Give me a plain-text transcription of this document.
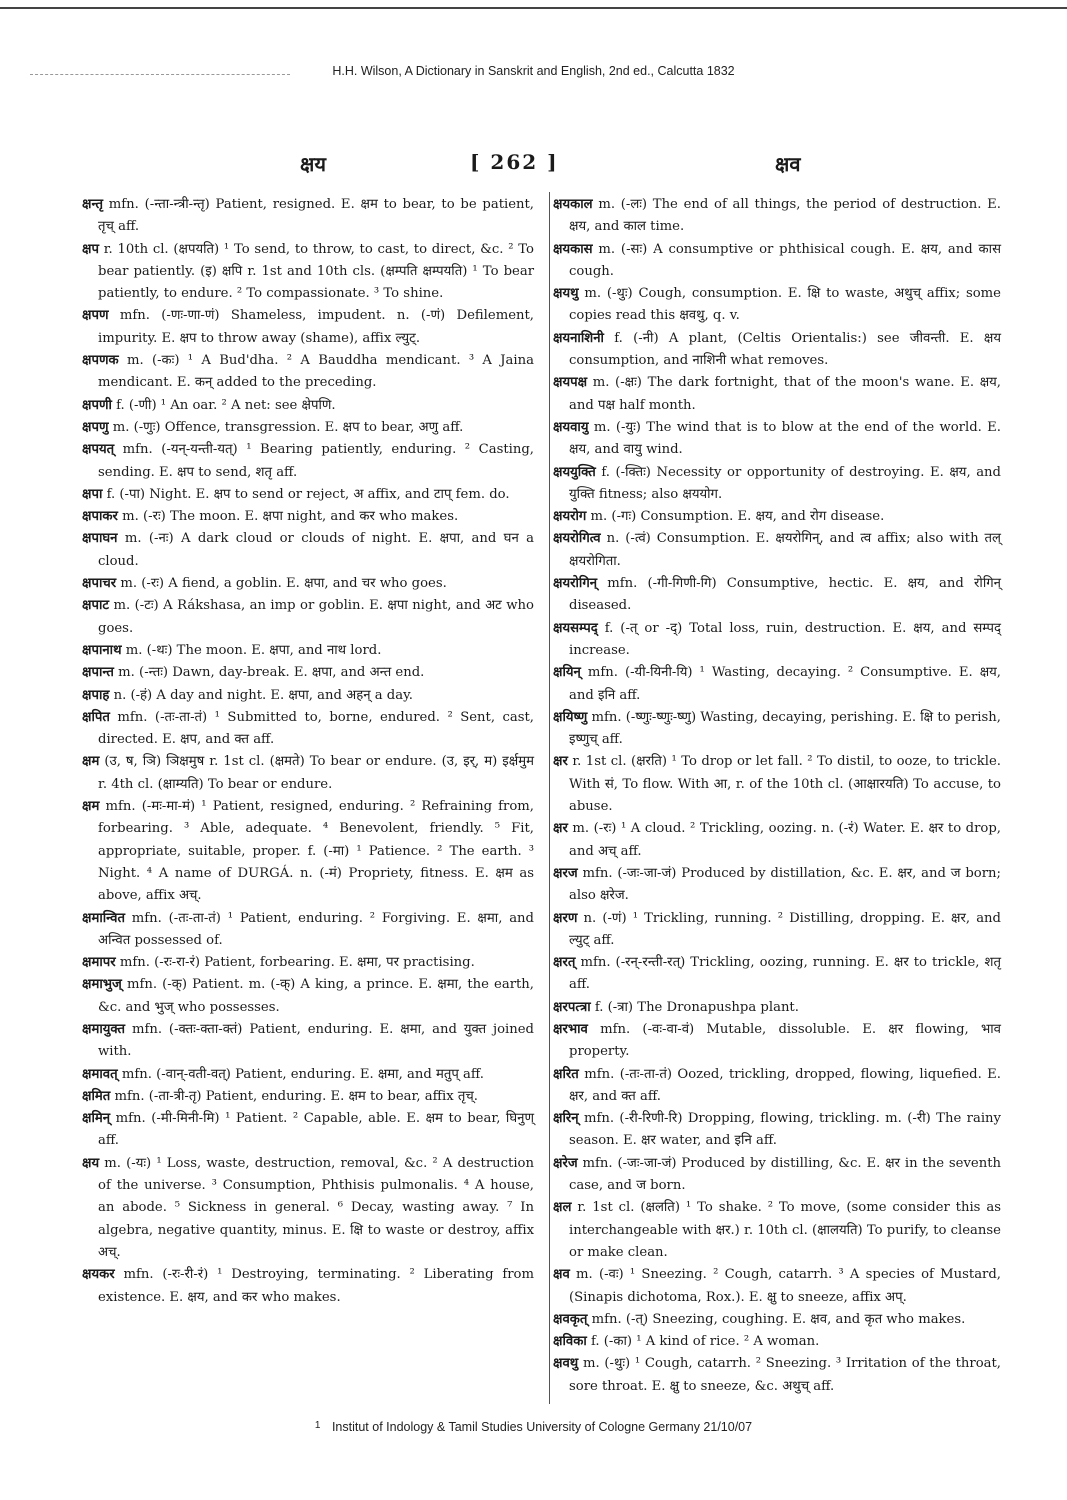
H.H. Wilson, A Dictionary in Sanskrit and English, 2nd ed., Calcutta 1832
क्षय	[ 262 ]	क्षव

क्षन्तृ mfn. (-न्ता-न्त्री-न्तृ) Patient, resigned. E. क्षम to bear, to be patient, तृच् aff.

क्षप r. 10th cl. (क्षपयति) ¹ To send, to throw, to cast, to direct, &c. ² To bear patiently. (इ) क्षपि r. 1st and 10th cls. (क्षम्पति क्षम्पयति) ¹ To bear patiently, to endure. ² To compassionate. ³ To shine.

क्षपण mfn. (-णः-णा-णं) Shameless, impudent. n. (-णं) Defilement, impurity. E. क्षप to throw away (shame), affix ल्युट्.

क्षपणक m. (-कः) ¹ A Bud'dha. ² A Bauddha mendicant. ³ A Jaina mendicant. E. कन् added to the preceding.

क्षपणी f. (-णी) ¹ An oar. ² A net: see क्षेपणि.

क्षपणु m. (-णुः) Offence, transgression. E. क्षप to bear, अणु aff.

क्षपयत् mfn. (-यन्-यन्ती-यत्) ¹ Bearing patiently, enduring. ² Casting, sending. E. क्षप to send, शतृ aff.

क्षपा f. (-पा) Night. E. क्षप to send or reject, अ affix, and टाप् fem. do.

क्षपाकर m. (-रः) The moon. E. क्षपा night, and कर who makes.

क्षपाघन m. (-नः) A dark cloud or clouds of night. E. क्षपा, and घन a cloud.

क्षपाचर m. (-रः) A fiend, a goblin. E. क्षपा, and चर who goes.

क्षपाट m. (-टः) A Rákshasa, an imp or goblin. E. क्षपा night, and अट who goes.

क्षपानाथ m. (-थः) The moon. E. क्षपा, and नाथ lord.

क्षपान्त m. (-न्तः) Dawn, day-break. E. क्षपा, and अन्त end.

क्षपाह n. (-हं) A day and night. E. क्षपा, and अहन् a day.

क्षपित mfn. (-तः-ता-तं) ¹ Submitted to, borne, endured. ² Sent, cast, directed. E. क्षप, and क्त aff.

क्षम (उ, ष, ञि) ञिक्षमुष r. 1st cl. (क्षमते) To bear or endure. (उ, इर्, म) इर्क्षमुम r. 4th cl. (क्षाम्यति) To bear or endure.

क्षम mfn. (-मः-मा-मं) ¹ Patient, resigned, enduring. ² Refraining from, forbearing. ³ Able, adequate. ⁴ Benevolent, friendly. ⁵ Fit, appropriate, suitable, proper. f. (-मा) ¹ Patience. ² The earth. ³ Night. ⁴ A name of DURGÁ. n. (-मं) Propriety, fitness. E. क्षम as above, affix अच्.

क्षमान्वित mfn. (-तः-ता-तं) ¹ Patient, enduring. ² Forgiving. E. क्षमा, and अन्वित possessed of.

क्षमापर mfn. (-रः-रा-रं) Patient, forbearing. E. क्षमा, पर practising.

क्षमाभुज् mfn. (-क्) Patient. m. (-क्) A king, a prince. E. क्षमा, the earth, &c. and भुज् who possesses.

क्षमायुक्त mfn. (-क्तः-क्ता-क्तं) Patient, enduring. E. क्षमा, and युक्त joined with.

क्षमावत् mfn. (-वान्-वती-वत्) Patient, enduring. E. क्षमा, and मतुप् aff.

क्षमित mfn. (-ता-त्री-तृ) Patient, enduring. E. क्षम to bear, affix तृच्.

क्षमिन् mfn. (-मी-मिनी-मि) ¹ Patient. ² Capable, able. E. क्षम to bear, घिनुण् aff.

क्षय m. (-यः) ¹ Loss, waste, destruction, removal, &c. ² A destruction of the universe. ³ Consumption, Phthisis pulmonalis. ⁴ A house, an abode. ⁵ Sickness in general. ⁶ Decay, wasting away. ⁷ In algebra, negative quantity, minus. E. क्षि to waste or destroy, affix अच्.

क्षयकर mfn. (-रः-री-रं) ¹ Destroying, terminating. ² Liberating from existence. E. क्षय, and कर who makes.

क्षयकाल m. (-लः) The end of all things, the period of destruction. E. क्षय, and काल time.

क्षयकास m. (-सः) A consumptive or phthisical cough. E. क्षय, and कास cough.

क्षयथु m. (-थुः) Cough, consumption. E. क्षि to waste, अथुच् affix; some copies read this क्षवथु, q. v.

क्षयनाशिनी f. (-नी) A plant, (Celtis Orientalis:) see जीवन्ती. E. क्षय consumption, and नाशिनी what removes.

क्षयपक्ष m. (-क्षः) The dark fortnight, that of the moon's wane. E. क्षय, and पक्ष half month.

क्षयवायु m. (-युः) The wind that is to blow at the end of the world. E. क्षय, and वायु wind.

क्षययुक्ति f. (-क्तिः) Necessity or opportunity of destroying. E. क्षय, and युक्ति fitness; also क्षययोग.

क्षयरोग m. (-गः) Consumption. E. क्षय, and रोग disease.

क्षयरोगित्व n. (-त्वं) Consumption. E. क्षयरोगिन्, and त्व affix; also with तल् क्षयरोगिता.

क्षयरोगिन् mfn. (-गी-गिणी-गि) Consumptive, hectic. E. क्षय, and रोगिन् diseased.

क्षयसम्पद् f. (-त् or -द्) Total loss, ruin, destruction. E. क्षय, and सम्पद् increase.

क्षयिन् mfn. (-यी-यिनी-यि) ¹ Wasting, decaying. ² Consumptive. E. क्षय, and इनि aff.

क्षयिष्णु mfn. (-ष्णुः-ष्णुः-ष्णु) Wasting, decaying, perishing. E. क्षि to perish, इष्णुच् aff.

क्षर r. 1st cl. (क्षरति) ¹ To drop or let fall. ² To distil, to ooze, to trickle. With सं, To flow. With आ, r. of the 10th cl. (आक्षारयति) To accuse, to abuse.

क्षर m. (-रः) ¹ A cloud. ² Trickling, oozing. n. (-रं) Water. E. क्षर to drop, and अच् aff.

क्षरज mfn. (-जः-जा-जं) Produced by distillation, &c. E. क्षर, and ज born; also क्षरेज.

क्षरण n. (-णं) ¹ Trickling, running. ² Distilling, dropping. E. क्षर, and ल्युट् aff.

क्षरत् mfn. (-रन्-रन्ती-रत्) Trickling, oozing, running. E. क्षर to trickle, शतृ aff.

क्षरपत्त्रा f. (-त्रा) The Dronapushpa plant.

क्षरभाव mfn. (-वः-वा-वं) Mutable, dissoluble. E. क्षर flowing, भाव property.

क्षरित mfn. (-तः-ता-तं) Oozed, trickling, dropped, flowing, liquefied. E. क्षर, and क्त aff.

क्षरिन् mfn. (-री-रिणी-रि) Dropping, flowing, trickling. m. (-री) The rainy season. E. क्षर water, and इनि aff.

क्षरेज mfn. (-जः-जा-जं) Produced by distilling, &c. E. क्षर in the seventh case, and ज born.

क्षल r. 1st cl. (क्षलति) ¹ To shake. ² To move, (some consider this as interchangeable with क्षर.) r. 10th cl. (क्षालयति) To purify, to cleanse or make clean.

क्षव m. (-वः) ¹ Sneezing. ² Cough, catarrh. ³ A species of Mustard, (Sinapis dichotoma, Rox.). E. क्षु to sneeze, affix अप्.

क्षवकृत् mfn. (-त्) Sneezing, coughing. E. क्षव, and कृत who makes.

क्षविका f. (-का) ¹ A kind of rice. ² A woman.

क्षवथु m. (-थुः) ¹ Cough, catarrh. ² Sneezing. ³ Irritation of the throat, sore throat. E. क्षु to sneeze, &c. अथुच् aff.

$^1$ Institut of Indology & Tamil Studies University of Cologne Germany 21/10/07
